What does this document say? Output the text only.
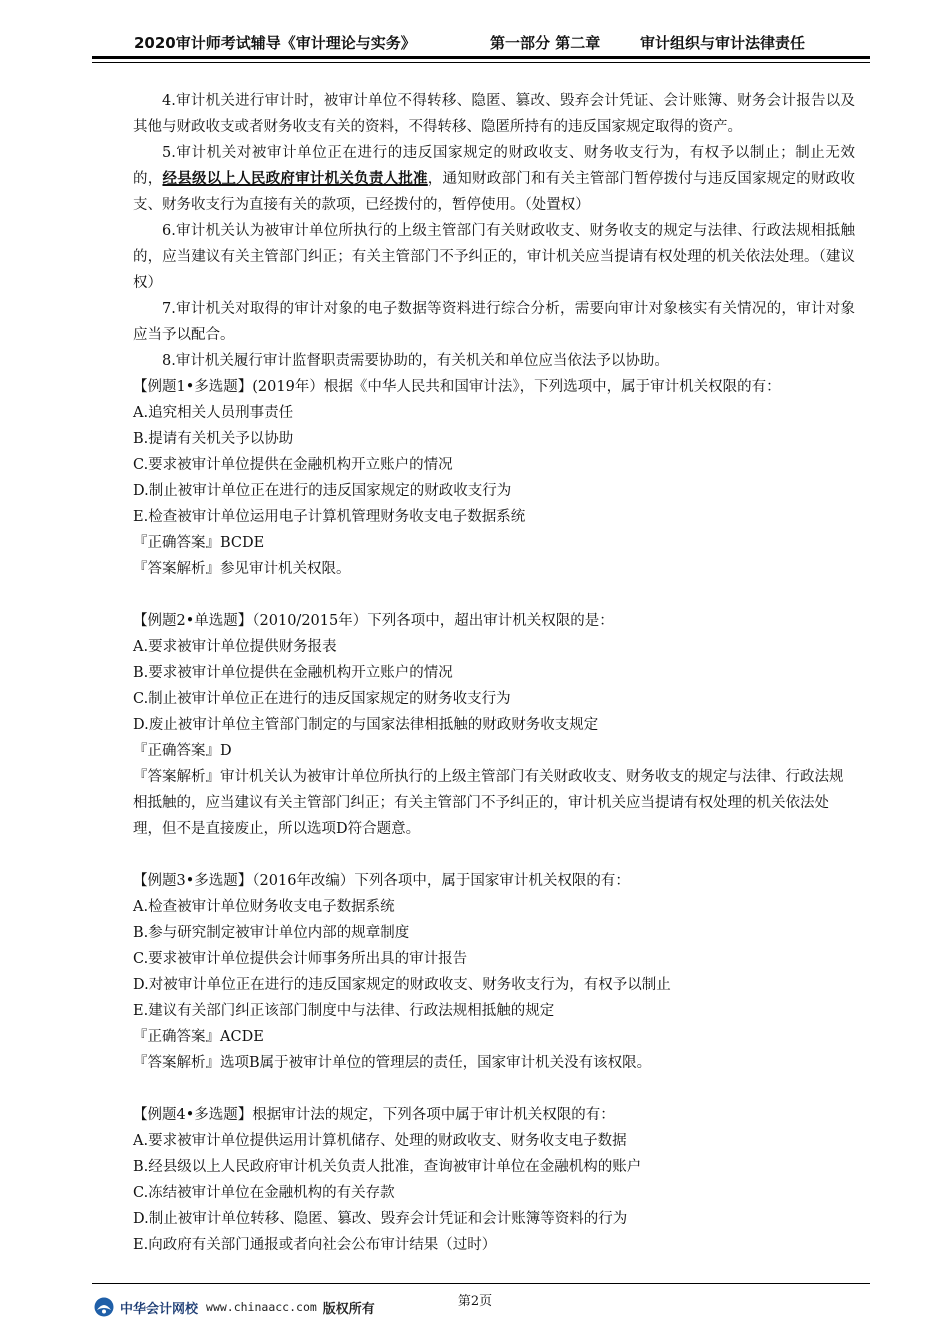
2020审计师考试辅导《审计理论与实务》	第一部分 第二章	审计组织与审计法律责任

4.审计机关进行审计时，被审计单位不得转移、隐匿、篡改、毁弃会计凭证、会计账簿、财务会计报告以及其他与财政收支或者财务收支有关的资料，不得转移、隐匿所持有的违反国家规定取得的资产。

5.审计机关对被审计单位正在进行的违反国家规定的财政收支、财务收支行为，有权予以制止；制止无效的，经县级以上人民政府审计机关负责人批准，通知财政部门和有关主管部门暂停拨付与违反国家规定的财政收支、财务收支行为直接有关的款项，已经拨付的，暂停使用。（处置权）

6.审计机关认为被审计单位所执行的上级主管部门有关财政收支、财务收支的规定与法律、行政法规相抵触的，应当建议有关主管部门纠正；有关主管部门不予纠正的，审计机关应当提请有权处理的机关依法处理。（建议权）

7.审计机关对取得的审计对象的电子数据等资料进行综合分析，需要向审计对象核实有关情况的，审计对象应当予以配合。

8.审计机关履行审计监督职责需要协助的，有关机关和单位应当依法予以协助。

【例题1•多选题】(2019年）根据《中华人民共和国审计法》，下列选项中，属于审计机关权限的有：

A.追究相关人员刑事责任

B.提请有关机关予以协助

C.要求被审计单位提供在金融机构开立账户的情况

D.制止被审计单位正在进行的违反国家规定的财政收支行为

E.检查被审计单位运用电子计算机管理财务收支电子数据系统

『正确答案』BCDE

『答案解析』参见审计机关权限。

【例题2•单选题】（2010/2015年）下列各项中，超出审计机关权限的是：

A.要求被审计单位提供财务报表

B.要求被审计单位提供在金融机构开立账户的情况

C.制止被审计单位正在进行的违反国家规定的财务收支行为

D.废止被审计单位主管部门制定的与国家法律相抵触的财政财务收支规定

『正确答案』D

『答案解析』审计机关认为被审计单位所执行的上级主管部门有关财政收支、财务收支的规定与法律、行政法规相抵触的，应当建议有关主管部门纠正；有关主管部门不予纠正的，审计机关应当提请有权处理的机关依法处理，但不是直接废止，所以选项D符合题意。

【例题3•多选题】（2016年改编）下列各项中，属于国家审计机关权限的有：

A.检查被审计单位财务收支电子数据系统

B.参与研究制定被审计单位内部的规章制度

C.要求被审计单位提供会计师事务所出具的审计报告

D.对被审计单位正在进行的违反国家规定的财政收支、财务收支行为，有权予以制止

E.建议有关部门纠正该部门制度中与法律、行政法规相抵触的规定

『正确答案』ACDE

『答案解析』选项B属于被审计单位的管理层的责任，国家审计机关没有该权限。

【例题4•多选题】根据审计法的规定，下列各项中属于审计机关权限的有：

A.要求被审计单位提供运用计算机储存、处理的财政收支、财务收支电子数据

B.经县级以上人民政府审计机关负责人批准，查询被审计单位在金融机构的账户

C.冻结被审计单位在金融机构的有关存款

D.制止被审计单位转移、隐匿、篡改、毁弃会计凭证和会计账簿等资料的行为

E.向政府有关部门通报或者向社会公布审计结果（过时）

第2页
中华会计网校 www.chinaacc.com 版权所有
